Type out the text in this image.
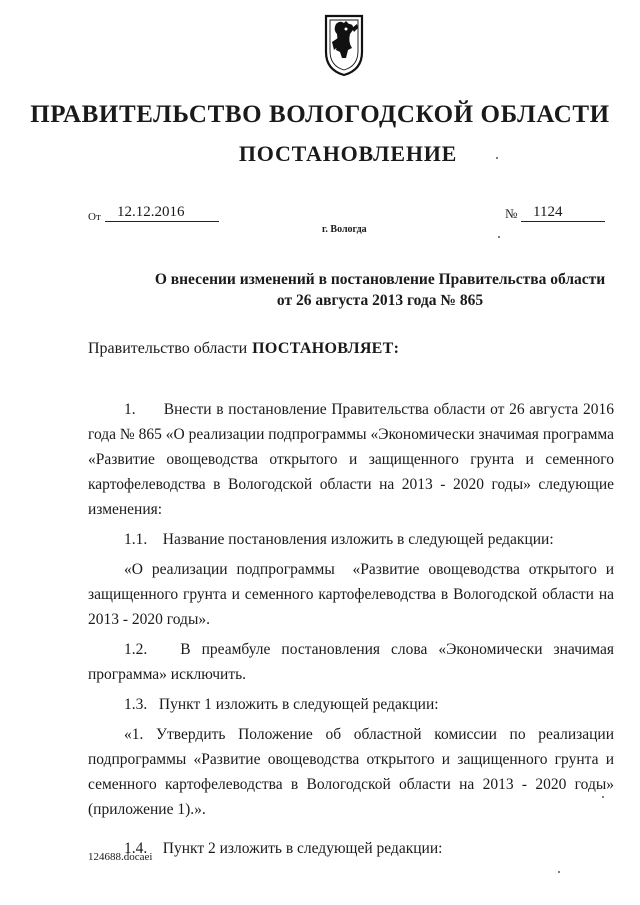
ПРАВИТЕЛЬСТВО ВОЛОГОДСКОЙ ОБЛАСТИ
ПОСТАНОВЛЕНИЕ
От	12.12.2016	№	1124
г. Вологда
О внесении изменений в постановление Правительства области
от 26 августа 2013 года № 865
Правительство области ПОСТАНОВЛЯЕТ:

1.      Внести в постановление Правительства области от 26 августа 2016 года № 865 «О реализации подпрограммы «Экономически значимая программа «Развитие овощеводства открытого и защищенного грунта и семенного картофелеводства в Вологодской области на 2013 - 2020 годы» следующие изменения:

1.1.    Название постановления изложить в следующей редакции:

«О реализации подпрограммы  «Развитие овощеводства открытого и защищенного грунта и семенного картофелеводства в Вологодской области на 2013 - 2020 годы».

1.2.   В преамбуле постановления слова «Экономически значимая программа» исключить.

1.3.   Пункт 1 изложить в следующей редакции:

«1. Утвердить Положение об областной комиссии по реализации подпрограммы «Развитие овощеводства открытого и защищенного грунта и семенного картофелеводства в Вологодской области на 2013 - 2020 годы» (приложение 1).».

1.4.    Пункт 2 изложить в следующей редакции:

124688.docaei
